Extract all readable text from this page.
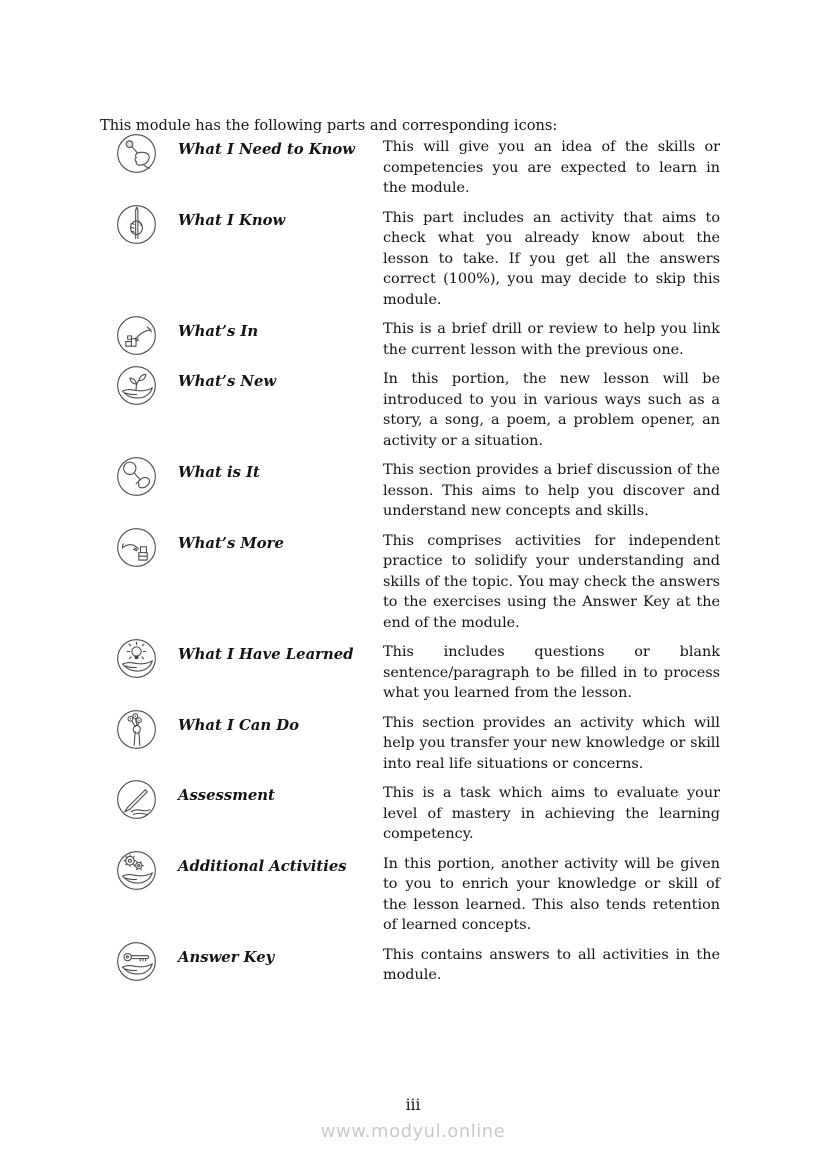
This module has the following parts and corresponding icons:

What I Need to Know	This will give you an idea of the skills or competencies you are expected to learn in the module.
What I Know	This part includes an activity that aims to check what you already know about the lesson to take. If you get all the answers correct (100%), you may decide to skip this module.
What’s In	This is a brief drill or review to help you link the current lesson with the previous one.
What’s New	In this portion, the new lesson will be introduced to you in various ways such as a story, a song, a poem, a problem opener, an activity or a situation.
What is It	This section provides a brief discussion of the lesson. This aims to help you discover and understand new concepts and skills.
What’s More	This comprises activities for independent practice to solidify your understanding and skills of the topic. You may check the answers to the exercises using the Answer Key at the end of the module.
What I Have Learned	This includes questions or blank sentence/paragraph to be filled in to process what you learned from the lesson.
What I Can Do	This section provides an activity which will help you transfer your new knowledge or skill into real life situations or concerns.
Assessment	This is a task which aims to evaluate your level of mastery in achieving the learning competency.
Additional Activities	In this portion, another activity will be given to you to enrich your knowledge or skill of the lesson learned. This also tends retention of learned concepts.
Answer Key	This contains answers to all activities in the module.
iii
www.modyul.online
